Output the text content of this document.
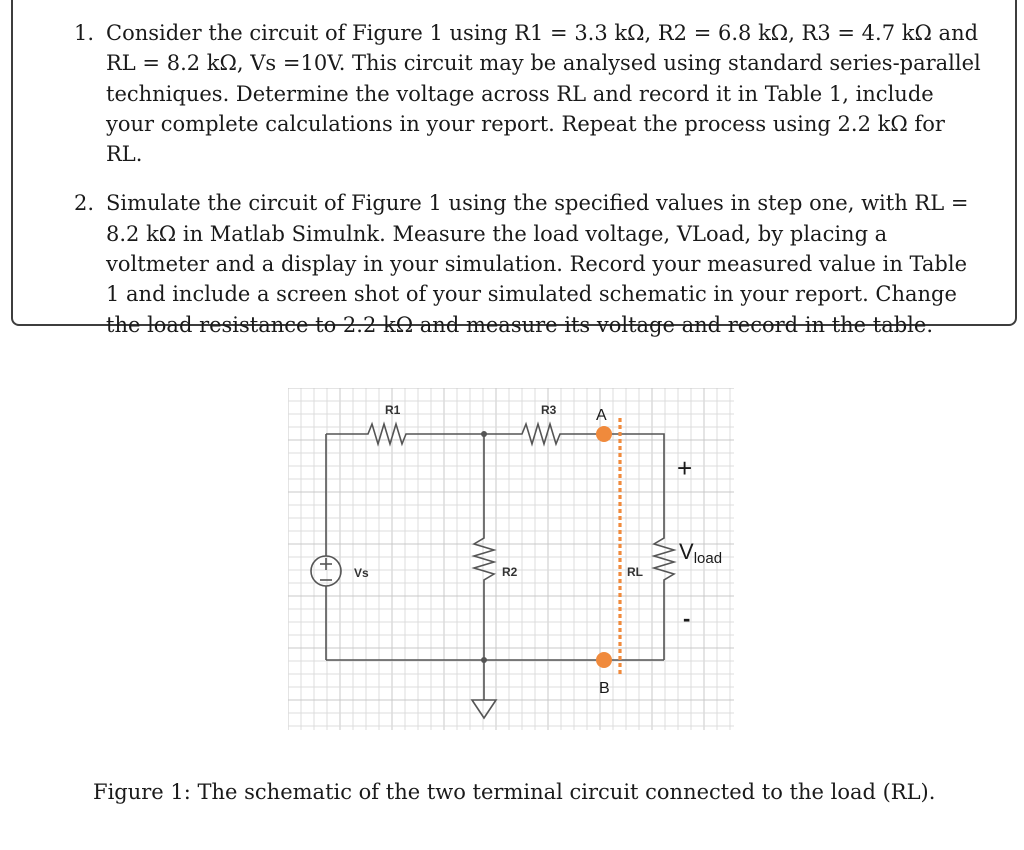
1. Consider the circuit of Figure 1 using R1 = 3.3 kΩ, R2 = 6.8 kΩ, R3 = 4.7 kΩ and RL = 8.2 kΩ, Vs =10V. This circuit may be analysed using standard series-parallel techniques. Determine the voltage across RL and record it in Table 1, include your complete calculations in your report. Repeat the process using 2.2 kΩ for RL.
2. Simulate the circuit of Figure 1 using the specified values in step one, with RL = 8.2 kΩ in Matlab Simulnk. Measure the load voltage, VLoad, by placing a voltmeter and a display in your simulation. Record your measured value in Table 1 and include a screen shot of your simulated schematic in your report. Change the load resistance to 2.2 kΩ and measure its voltage and record in the table.
R1	R3
Vs	R2	RL
A
B
+
-
Vload
Figure 1: The schematic of the two terminal circuit connected to the load (RL).
